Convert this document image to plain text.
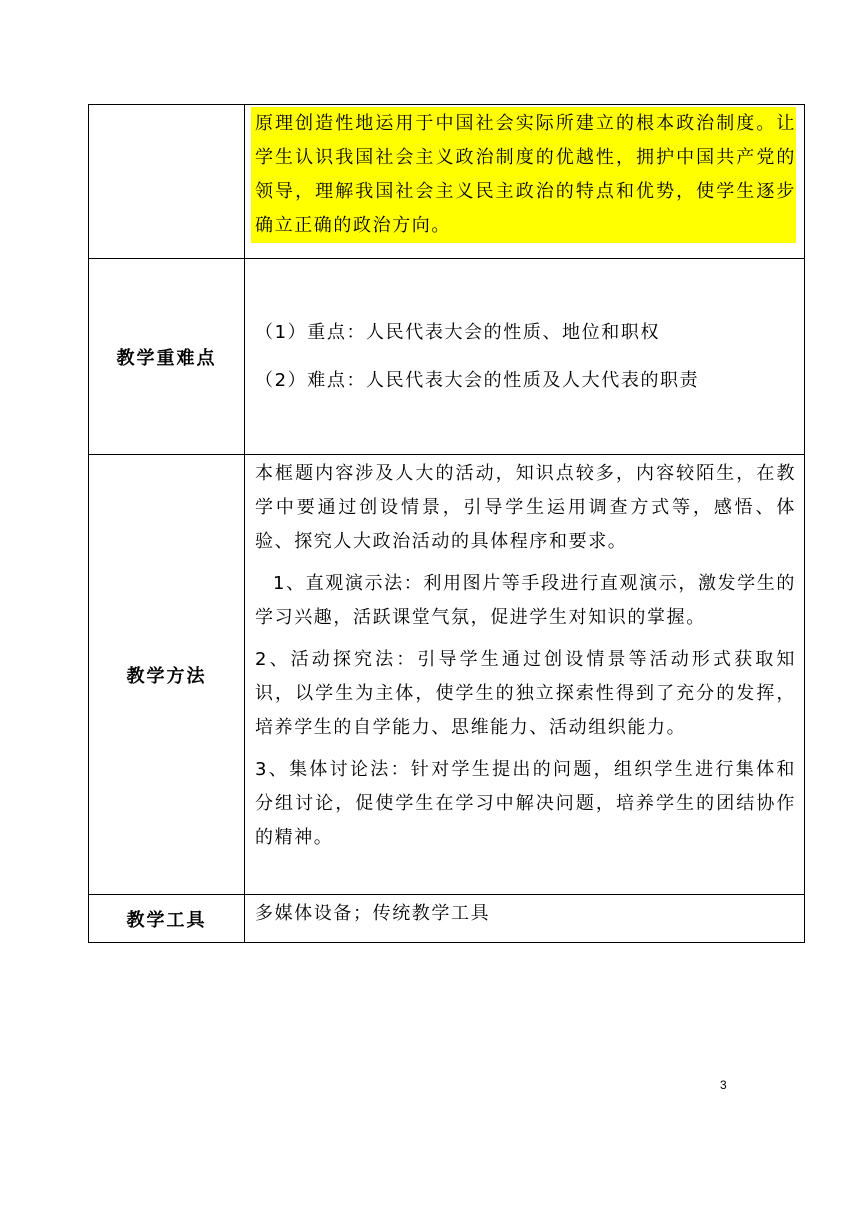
	原理创造性地运用于中国社会实际所建立的根本政治制度。让学生认识我国社会主义政治制度的优越性，拥护中国共产党的领导，理解我国社会主义民主政治的特点和优势，使学生逐步确立正确的政治方向。

教学重难点	（1）重点：人民代表大会的性质、地位和职权

（2）难点：人民代表大会的性质及人大代表的职责

教学方法	本框题内容涉及人大的活动，知识点较多，内容较陌生，在教学中要通过创设情景，引导学生运用调查方式等，感悟、体验、探究人大政治活动的具体程序和要求。

1、直观演示法：利用图片等手段进行直观演示，激发学生的学习兴趣，活跃课堂气氛，促进学生对知识的掌握。

2、活动探究法：引导学生通过创设情景等活动形式获取知识，以学生为主体，使学生的独立探索性得到了充分的发挥，培养学生的自学能力、思维能力、活动组织能力。

3、集体讨论法：针对学生提出的问题，组织学生进行集体和分组讨论，促使学生在学习中解决问题，培养学生的团结协作的精神。

教学工具	多媒体设备；传统教学工具
3
